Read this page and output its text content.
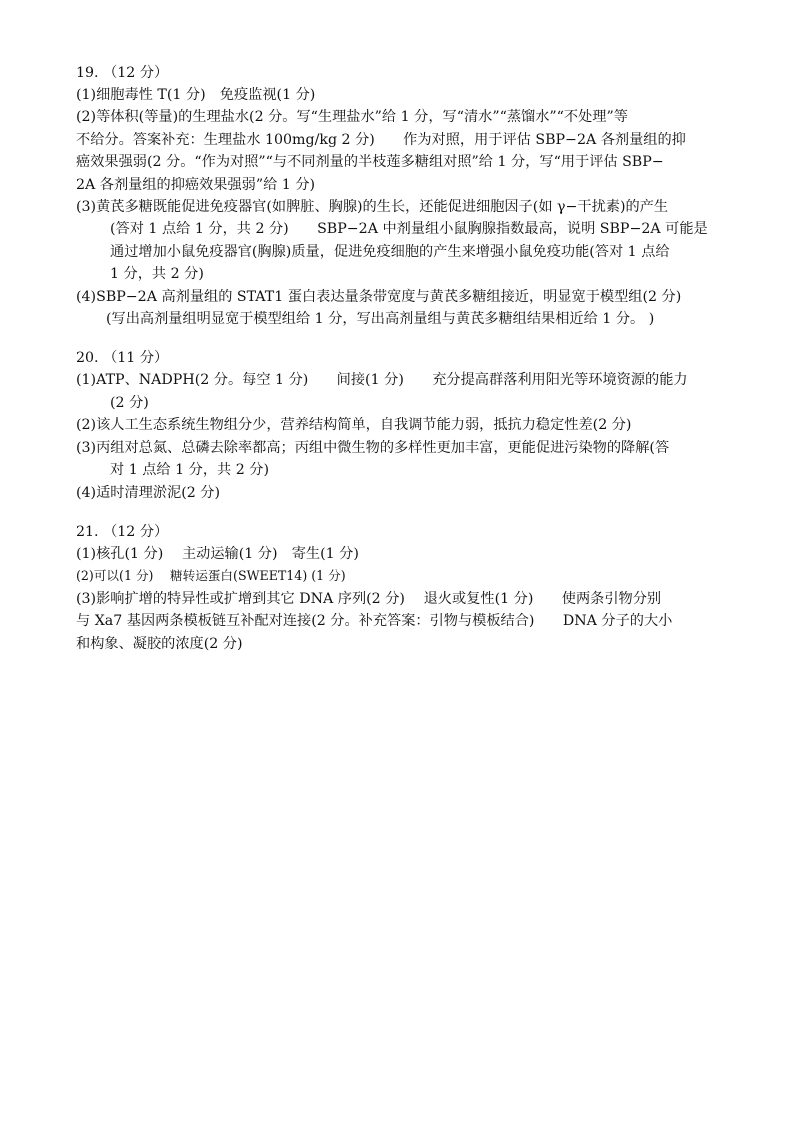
19. （12 分）
(1)细胞毒性 T(1 分)　免疫监视(1 分)
(2)等体积(等量)的生理盐水(2 分。写“生理盐水”给 1 分，写“清水”“蒸馏水”“不处理”等
不给分。答案补充：生理盐水 100mg/kg 2 分)　　作为对照，用于评估 SBP−2A 各剂量组的抑
癌效果强弱(2 分。“作为对照”“与不同剂量的半枝莲多糖组对照”给 1 分，写“用于评估 SBP−
2A 各剂量组的抑癌效果强弱”给 1 分)
(3)黄芪多糖既能促进免疫器官(如脾脏、胸腺)的生长，还能促进细胞因子(如 γ−干扰素)的产生
(答对 1 点给 1 分，共 2 分)　　SBP−2A 中剂量组小鼠胸腺指数最高，说明 SBP−2A 可能是
通过增加小鼠免疫器官(胸腺)质量，促进免疫细胞的产生来增强小鼠免疫功能(答对 1 点给
1 分，共 2 分)
(4)SBP−2A 高剂量组的 STAT1 蛋白表达量条带宽度与黄芪多糖组接近，明显宽于模型组(2 分)
(写出高剂量组明显宽于模型组给 1 分，写出高剂量组与黄芪多糖组结果相近给 1 分。 )
20. （11 分）
(1)ATP、NADPH(2 分。每空 1 分)　　间接(1 分)　　充分提高群落利用阳光等环境资源的能力
(2 分)
(2)该人工生态系统生物组分少，营养结构简单，自我调节能力弱，抵抗力稳定性差(2 分)
(3)丙组对总氮、总磷去除率都高；丙组中微生物的多样性更加丰富，更能促进污染物的降解(答
对 1 点给 1 分，共 2 分)
(4)适时清理淤泥(2 分)
21. （12 分）
(1)核孔(1 分)　 主动运输(1 分)　寄生(1 分)
(2)可以(1 分)　 糖转运蛋白(SWEET14) (1 分)
(3)影响扩增的特异性或扩增到其它 DNA 序列(2 分)　 退火或复性(1 分)　　使两条引物分别
与 Xa7 基因两条模板链互补配对连接(2 分。补充答案：引物与模板结合)　　DNA 分子的大小
和构象、凝胶的浓度(2 分)
